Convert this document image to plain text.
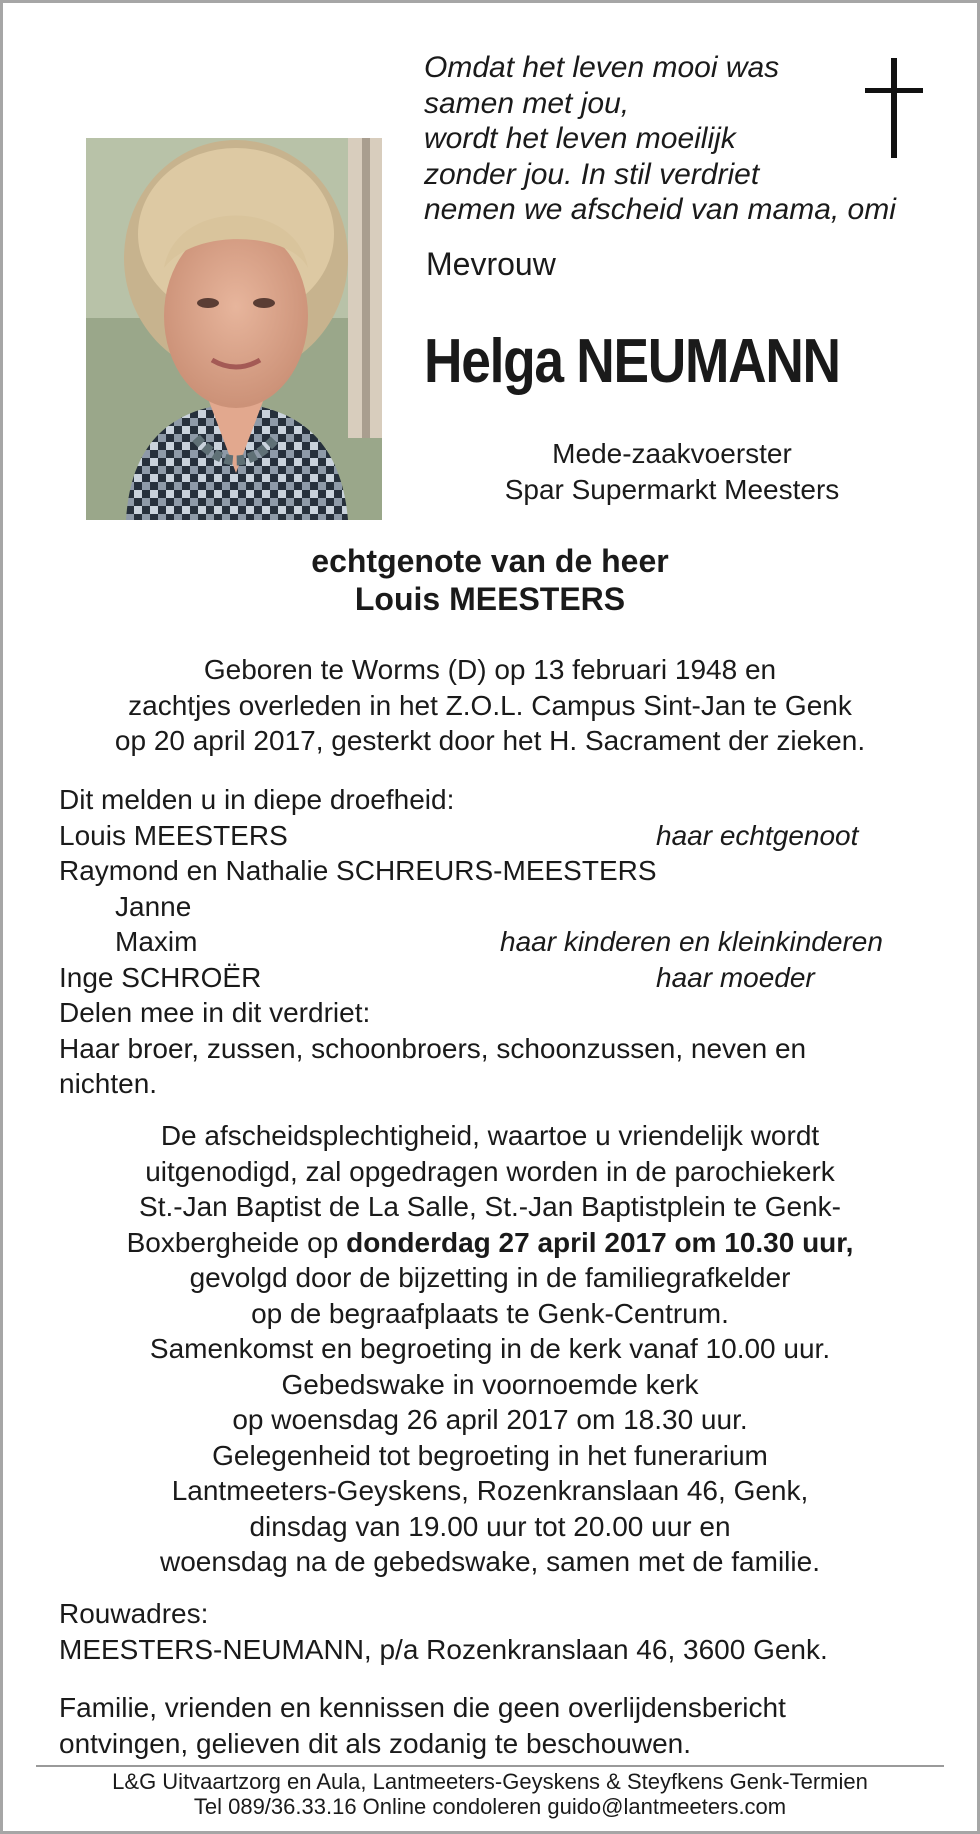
Omdat het leven mooi was
samen met jou,
wordt het leven moeilijk
zonder jou. In stil verdriet
nemen we afscheid van mama, omi
Mevrouw
Helga NEUMANN
Mede-zaakvoerster
Spar Supermarkt Meesters
echtgenote van de heer
Louis MEESTERS
Geboren te Worms (D) op 13 februari 1948 en
zachtjes overleden in het Z.O.L. Campus Sint-Jan te Genk
op 20 april 2017, gesterkt door het H. Sacrament der zieken.
Dit melden u in diepe droefheid:
Louis MEESTERS	haar echtgenoot
Raymond en Nathalie SCHREURS-MEESTERS
Janne
Maxim	haar kinderen en kleinkinderen
Inge SCHROËR	haar moeder
Delen mee in dit verdriet:
Haar broer, zussen, schoonbroers, schoonzussen, neven en
nichten.
De afscheidsplechtigheid, waartoe u vriendelijk wordt
uitgenodigd, zal opgedragen worden in de parochiekerk
St.-Jan Baptist de La Salle, St.-Jan Baptistplein te Genk-
Boxbergheide op donderdag 27 april 2017 om 10.30 uur,
gevolgd door de bijzetting in de familiegrafkelder
op de begraafplaats te Genk-Centrum.
Samenkomst en begroeting in de kerk vanaf 10.00 uur.
Gebedswake in voornoemde kerk
op woensdag 26 april 2017 om 18.30 uur.
Gelegenheid tot begroeting in het funerarium
Lantmeeters-Geyskens, Rozenkranslaan 46, Genk,
dinsdag van 19.00 uur tot 20.00 uur en
woensdag na de gebedswake, samen met de familie.
Rouwadres:
MEESTERS-NEUMANN, p/a Rozenkranslaan 46, 3600 Genk.
Familie, vrienden en kennissen die geen overlijdensbericht
ontvingen, gelieven dit als zodanig te beschouwen.
L&G Uitvaartzorg en Aula, Lantmeeters-Geyskens & Steyfkens Genk-Termien
Tel 089/36.33.16 Online condoleren guido@lantmeeters.com
